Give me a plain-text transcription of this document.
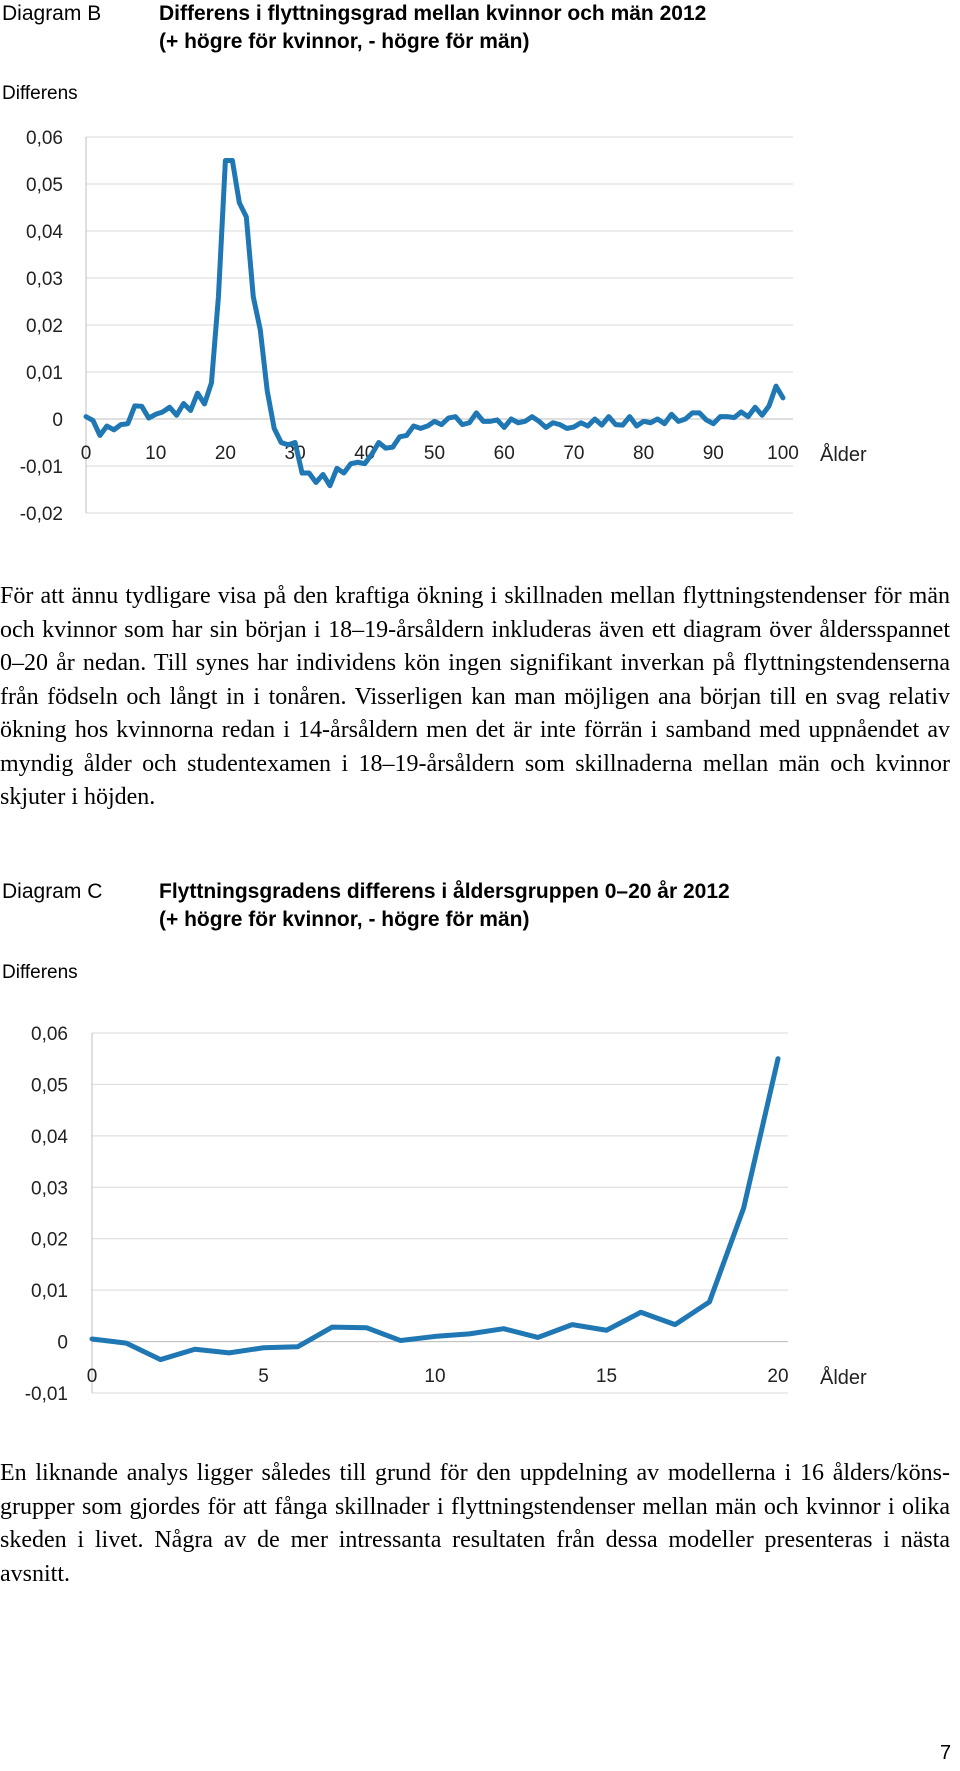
Diagram B	Differens i flyttningsgrad mellan kvinnor och män 2012
(+ högre för kvinnor, - högre för män)
Differens
0,06
0,05
0,04
0,03
0,02
0,01
0
-0,01
-0,02
0	10	20	30	40	50	60	70	80	90 100 Ålder

För att ännu tydligare visa på den kraftiga ökning i skillnaden mellan flyttningstendenser för män och kvinnor som har sin början i 18–19-årsåldern inkluderas även ett diagram över åldersspannet 0–20 år nedan. Till synes har individens kön ingen signifikant inverkan på flyttningstendenserna från födseln och långt in i tonåren. Visserligen kan man möjligen ana början till en svag relativ ökning hos kvinnorna redan i 14-årsåldern men det är inte förrän i samband med uppnåendet av myndig ålder och studentexamen i 18–19-årsåldern som skillnaderna mellan män och kvinnor skjuter i höjden.

Diagram C	Flyttningsgradens differens i åldersgruppen 0–20 år 2012
(+ högre för kvinnor, - högre för män)
Differens
0,06
0,05
0,04
0,03
0,02
0,01
0
-0,01
0	5	10	15	20 Ålder

En liknande analys ligger således till grund för den uppdelning av modellerna i 16 ålders/köns-grupper som gjordes för att fånga skillnader i flyttningstendenser mellan män och kvinnor i olika skeden i livet. Några av de mer intressanta resultaten från dessa modeller presenteras i nästa avsnitt.

7
